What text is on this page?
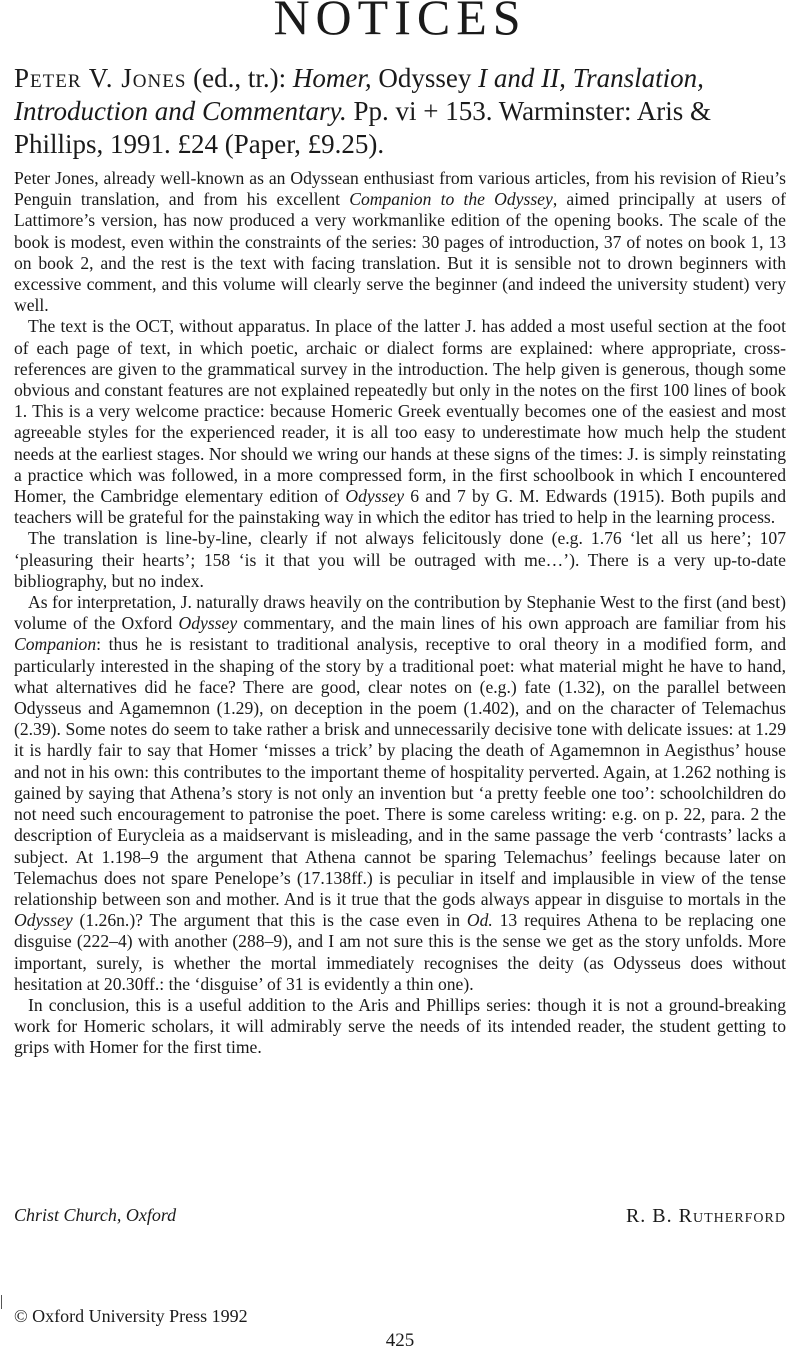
NOTICES
Peter V. Jones (ed., tr.): Homer, Odyssey I and II, Translation, Introduction and Commentary. Pp. vi + 153. Warminster: Aris & Phillips, 1991. £24 (Paper, £9.25).

Peter Jones, already well-known as an Odyssean enthusiast from various articles, from his revision of Rieu’s Penguin translation, and from his excellent Companion to the Odyssey, aimed principally at users of Lattimore’s version, has now produced a very workmanlike edition of the opening books. The scale of the book is modest, even within the constraints of the series: 30 pages of introduction, 37 of notes on book 1, 13 on book 2, and the rest is the text with facing translation. But it is sensible not to drown beginners with excessive comment, and this volume will clearly serve the beginner (and indeed the university student) very well.

The text is the OCT, without apparatus. In place of the latter J. has added a most useful section at the foot of each page of text, in which poetic, archaic or dialect forms are explained: where appropriate, cross-references are given to the grammatical survey in the introduction. The help given is generous, though some obvious and constant features are not explained repeatedly but only in the notes on the first 100 lines of book 1. This is a very welcome practice: because Homeric Greek eventually becomes one of the easiest and most agreeable styles for the experienced reader, it is all too easy to underestimate how much help the student needs at the earliest stages. Nor should we wring our hands at these signs of the times: J. is simply reinstating a practice which was followed, in a more compressed form, in the first schoolbook in which I encountered Homer, the Cambridge elementary edition of Odyssey 6 and 7 by G. M. Edwards (1915). Both pupils and teachers will be grateful for the painstaking way in which the editor has tried to help in the learning process.

The translation is line-by-line, clearly if not always felicitously done (e.g. 1.76 ‘let all us here’; 107 ‘pleasuring their hearts’; 158 ‘is it that you will be outraged with me…’). There is a very up-to-date bibliography, but no index.

As for interpretation, J. naturally draws heavily on the contribution by Stephanie West to the first (and best) volume of the Oxford Odyssey commentary, and the main lines of his own approach are familiar from his Companion: thus he is resistant to traditional analysis, receptive to oral theory in a modified form, and particularly interested in the shaping of the story by a traditional poet: what material might he have to hand, what alternatives did he face? There are good, clear notes on (e.g.) fate (1.32), on the parallel between Odysseus and Agamemnon (1.29), on deception in the poem (1.402), and on the character of Telemachus (2.39). Some notes do seem to take rather a brisk and unnecessarily decisive tone with delicate issues: at 1.29 it is hardly fair to say that Homer ‘misses a trick’ by placing the death of Agamemnon in Aegisthus’ house and not in his own: this contributes to the important theme of hospitality perverted. Again, at 1.262 nothing is gained by saying that Athena’s story is not only an invention but ‘a pretty feeble one too’: schoolchildren do not need such encouragement to patronise the poet. There is some careless writing: e.g. on p. 22, para. 2 the description of Eurycleia as a maidservant is misleading, and in the same passage the verb ‘contrasts’ lacks a subject. At 1.198–9 the argument that Athena cannot be sparing Telemachus’ feelings because later on Telemachus does not spare Penelope’s (17.138ff.) is peculiar in itself and implausible in view of the tense relationship between son and mother. And is it true that the gods always appear in disguise to mortals in the Odyssey (1.26n.)? The argument that this is the case even in Od. 13 requires Athena to be replacing one disguise (222–4) with another (288–9), and I am not sure this is the sense we get as the story unfolds. More important, surely, is whether the mortal immediately recognises the deity (as Odysseus does without hesitation at 20.30ff.: the ‘disguise’ of 31 is evidently a thin one).

In conclusion, this is a useful addition to the Aris and Phillips series: though it is not a ground-breaking work for Homeric scholars, it will admirably serve the needs of its intended reader, the student getting to grips with Homer for the first time.

Christ Church, Oxford	R. B. Rutherford
© Oxford University Press 1992
425
